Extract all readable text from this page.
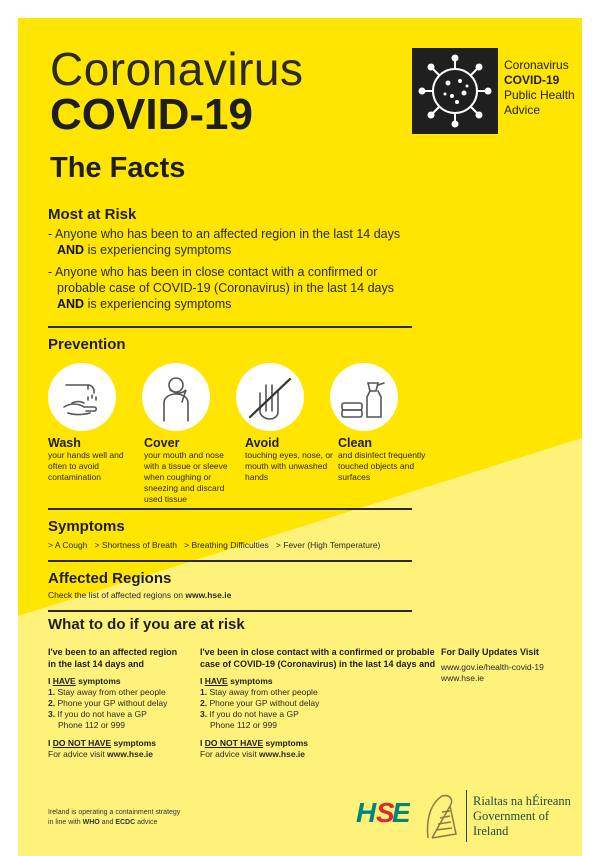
Coronavirus
COVID-19
The Facts
Coronavirus
COVID-19
Public Health
Advice
Most at Risk
- Anyone who has been to an affected region in the last 14 days
AND is experiencing symptoms
- Anyone who has been in close contact with a confirmed or
probable case of COVID-19 (Coronavirus) in the last 14 days
AND is experiencing symptoms
Prevention
Wash
your hands well and often to avoid contamination
Cover
your mouth and nose with a tissue or sleeve when coughing or sneezing and discard used tissue
Avoid
touching eyes, nose, or mouth with unwashed hands
Clean
and disinfect frequently touched objects and surfaces
Symptoms
> A Cough   > Shortness of Breath   > Breathing Difficulties   > Fever (High Temperature)
Affected Regions
Check the list of affected regions on www.hse.ie
What to do if you are at risk
I've been to an affected region
in the last 14 days and
I HAVE symptoms
1. Stay away from other people
2. Phone your GP without delay
3. If you do not have a GP
Phone 112 or 999
I DO NOT HAVE symptoms
For advice visit www.hse.ie
I've been in close contact with a confirmed or probable
case of COVID-19 (Coronavirus) in the last 14 days and
I HAVE symptoms
1. Stay away from other people
2. Phone your GP without delay
3. If you do not have a GP
Phone 112 or 999
I DO NOT HAVE symptoms
For advice visit www.hse.ie
For Daily Updates Visit
www.gov.ie/health-covid-19
www.hse.ie
Ireland is operating a containment strategy
in line with WHO and ECDC advice	H S
E	Rialtas na hÉireann
Government of Ireland
